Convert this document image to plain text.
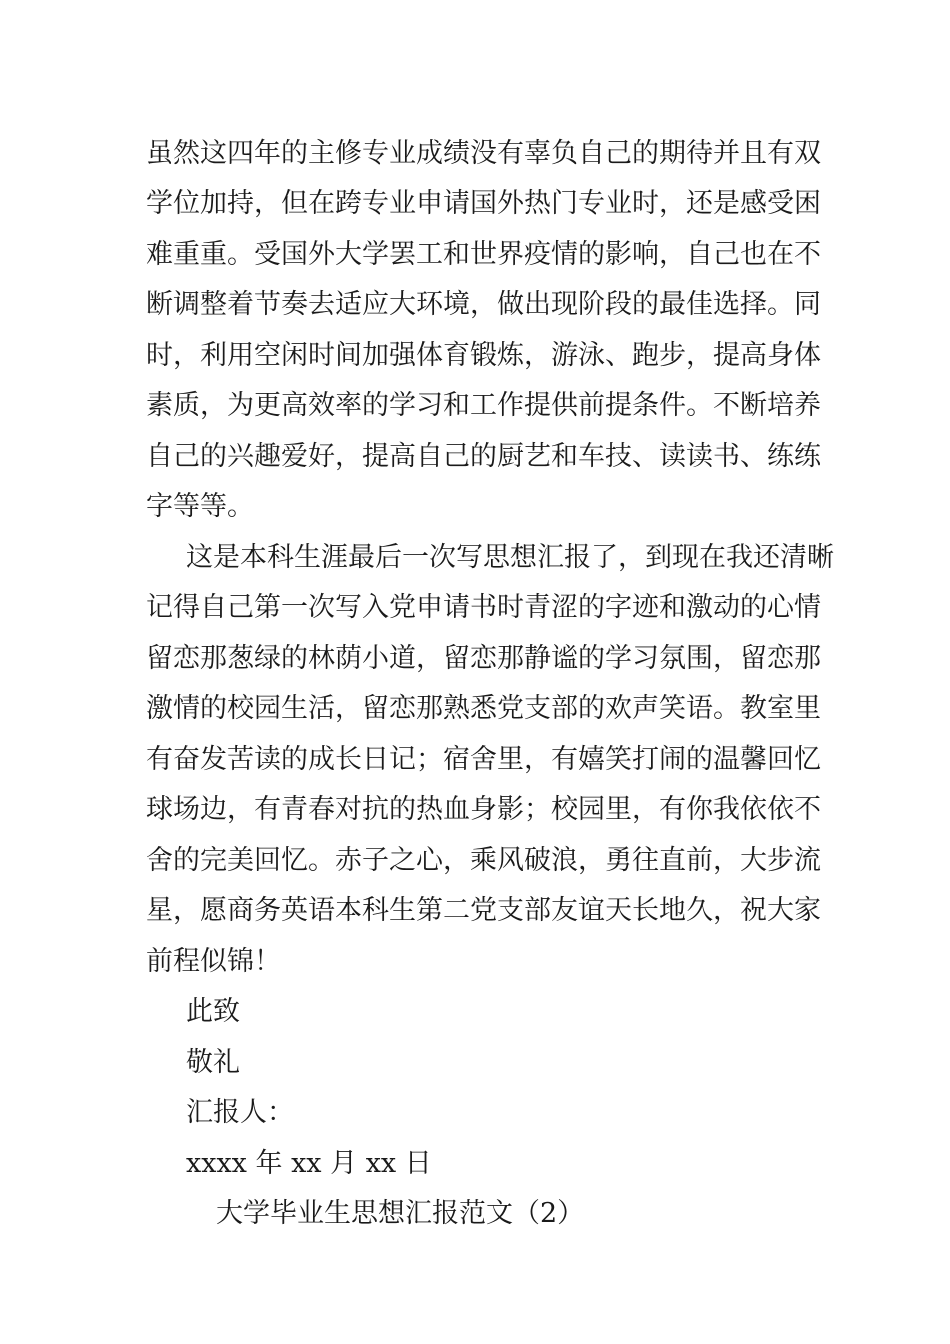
虽然这四年的主修专业成绩没有辜负自己的期待并且有双
学位加持，但在跨专业申请国外热门专业时，还是感受困
难重重。受国外大学罢工和世界疫情的影响，自己也在不
断调整着节奏去适应大环境，做出现阶段的最佳选择。同
时，利用空闲时间加强体育锻炼，游泳、跑步，提高身体
素质，为更高效率的学习和工作提供前提条件。不断培养
自己的兴趣爱好，提高自己的厨艺和车技、读读书、练练
字等等。
这是本科生涯最后一次写思想汇报了，到现在我还清晰
记得自己第一次写入党申请书时青涩的字迹和激动的心情
留恋那葱绿的林荫小道，留恋那静谧的学习氛围，留恋那
激情的校园生活，留恋那熟悉党支部的欢声笑语。教室里
有奋发苦读的成长日记；宿舍里，有嬉笑打闹的温馨回忆
球场边，有青春对抗的热血身影；校园里，有你我依依不
舍的完美回忆。赤子之心，乘风破浪，勇往直前，大步流
星，愿商务英语本科生第二党支部友谊天长地久，祝大家
前程似锦！
此致
敬礼
汇报人：
xxxx 年 xx 月 xx 日
大学毕业生思想汇报范文（2）
